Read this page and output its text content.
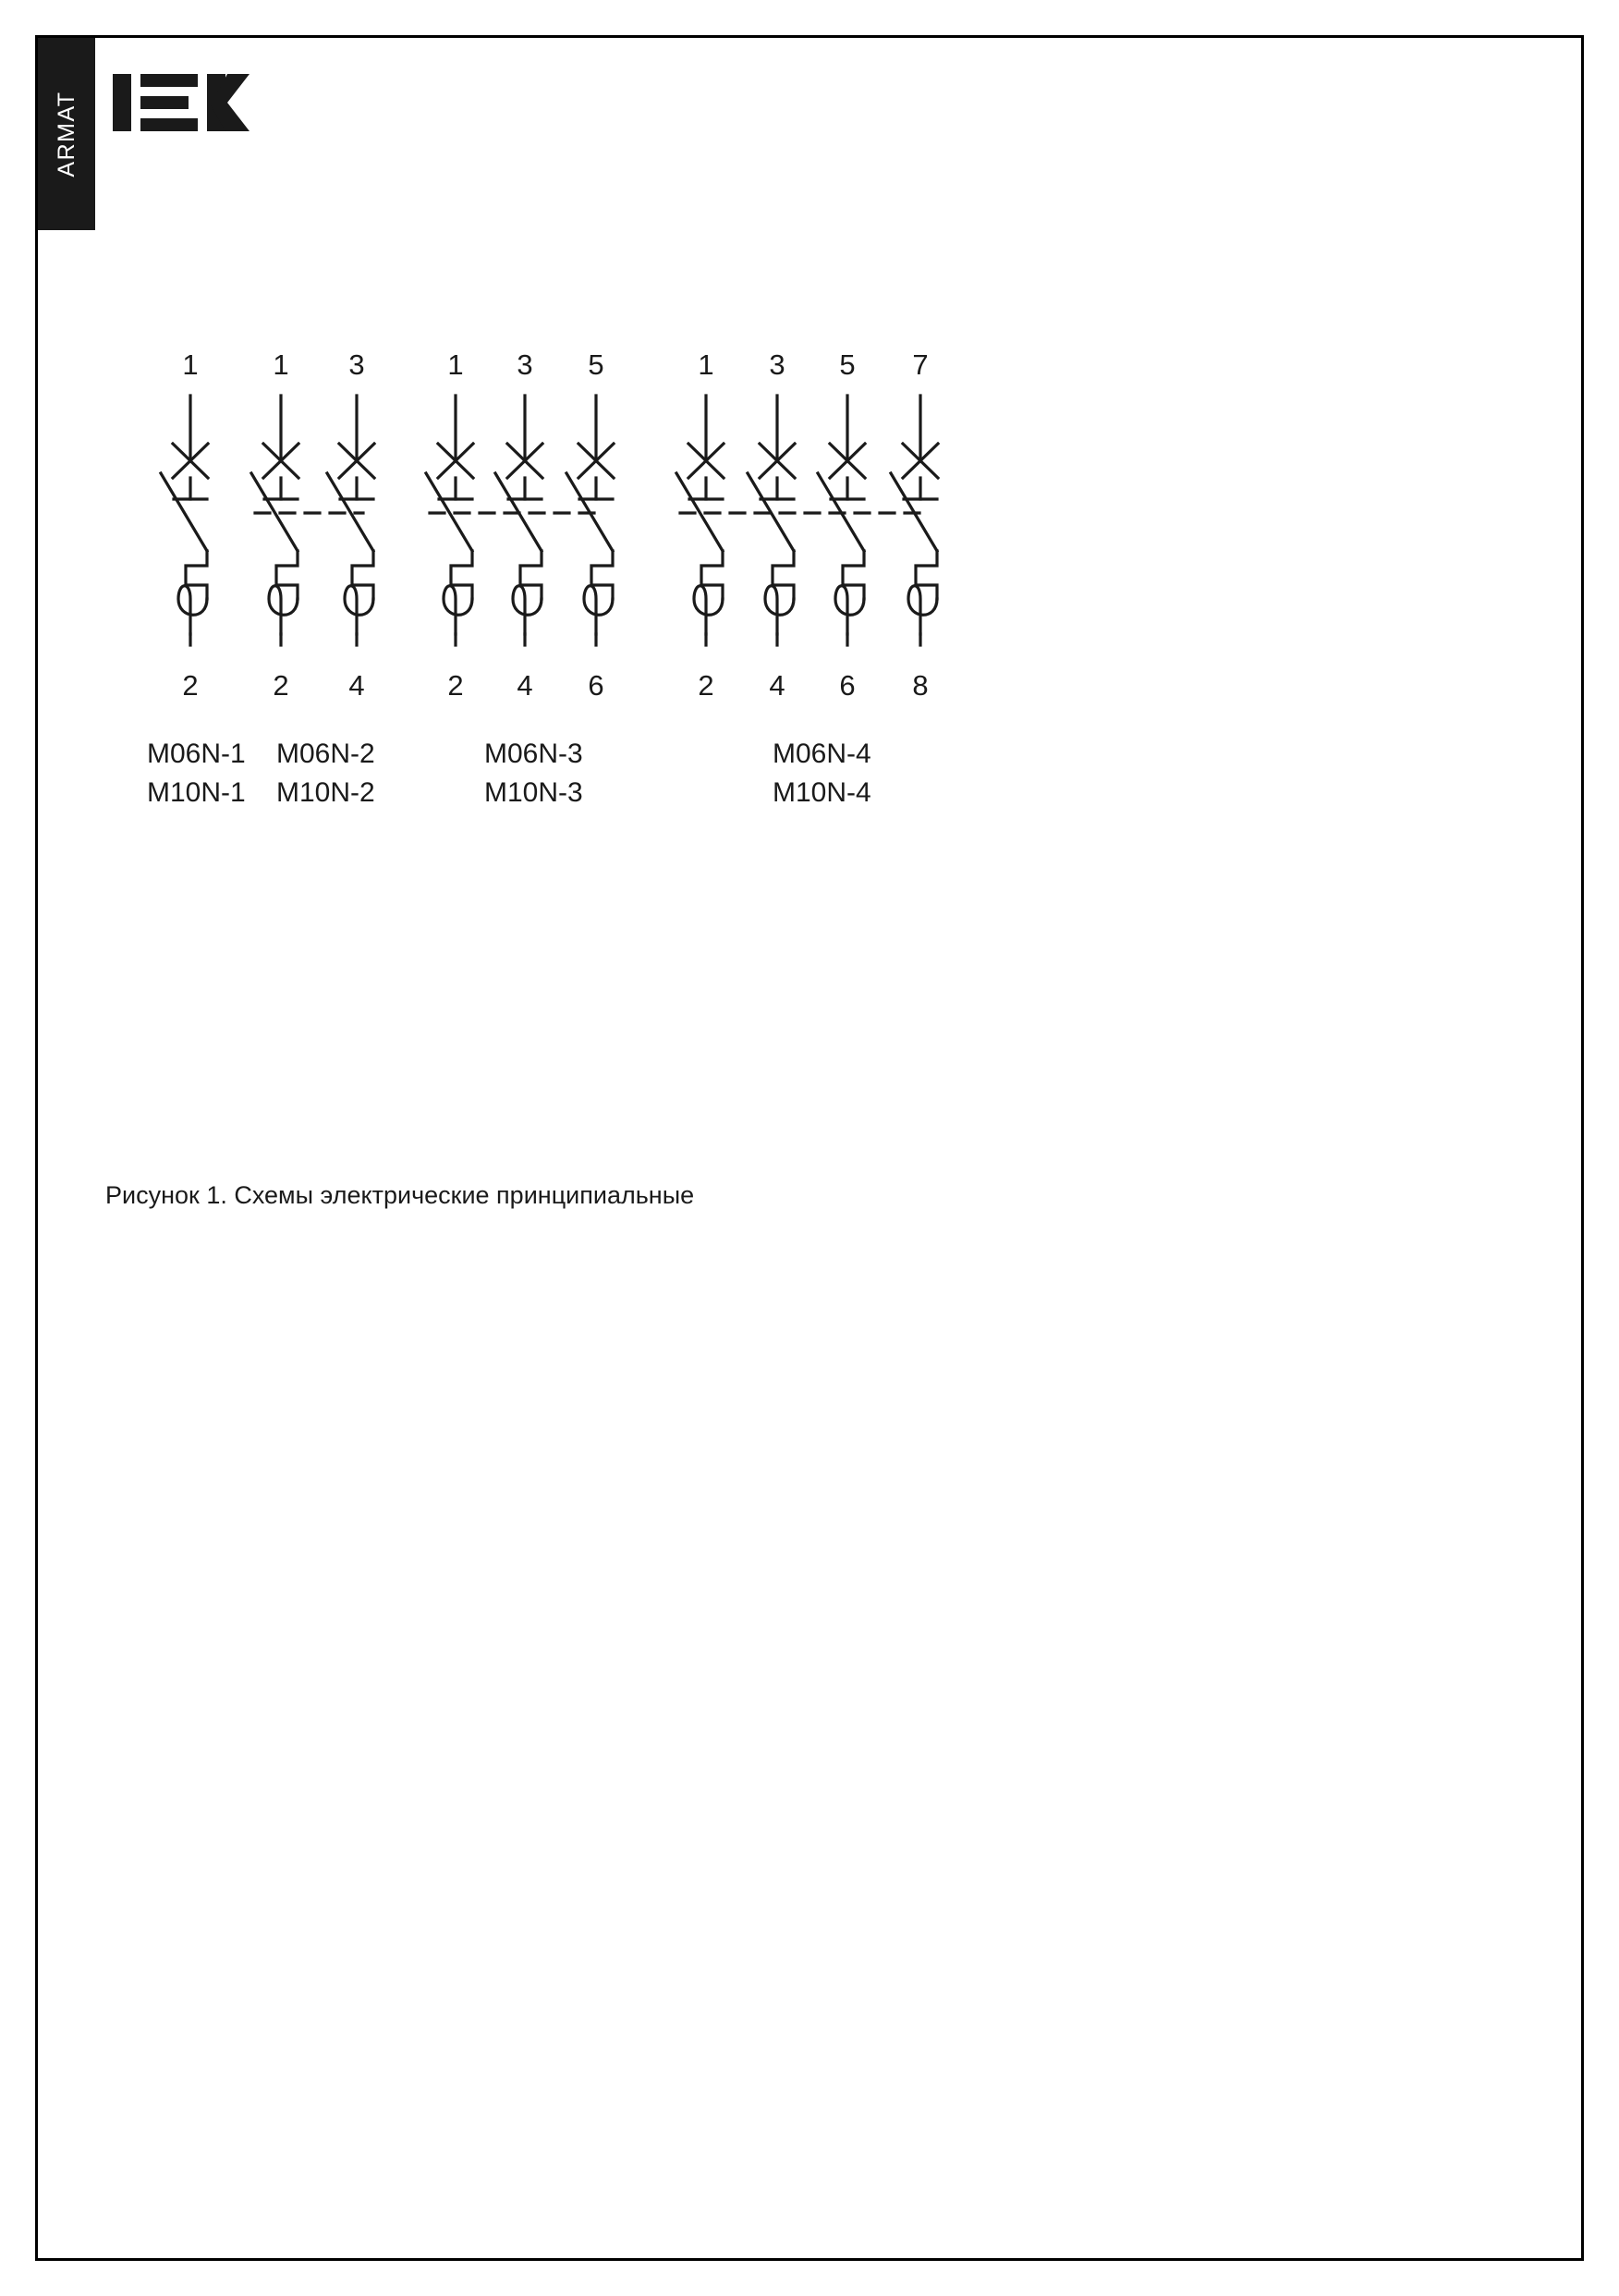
ARMAT
1	1 3	1 3 5	1 3 5 7
2	2 4	2 4 6	2 4 6 8
M06N-1
M10N-1
M06N-2
M10N-2
M06N-3
M10N-3
M06N-4
M10N-4
Рисунок 1. Схемы электрические принципиальные
